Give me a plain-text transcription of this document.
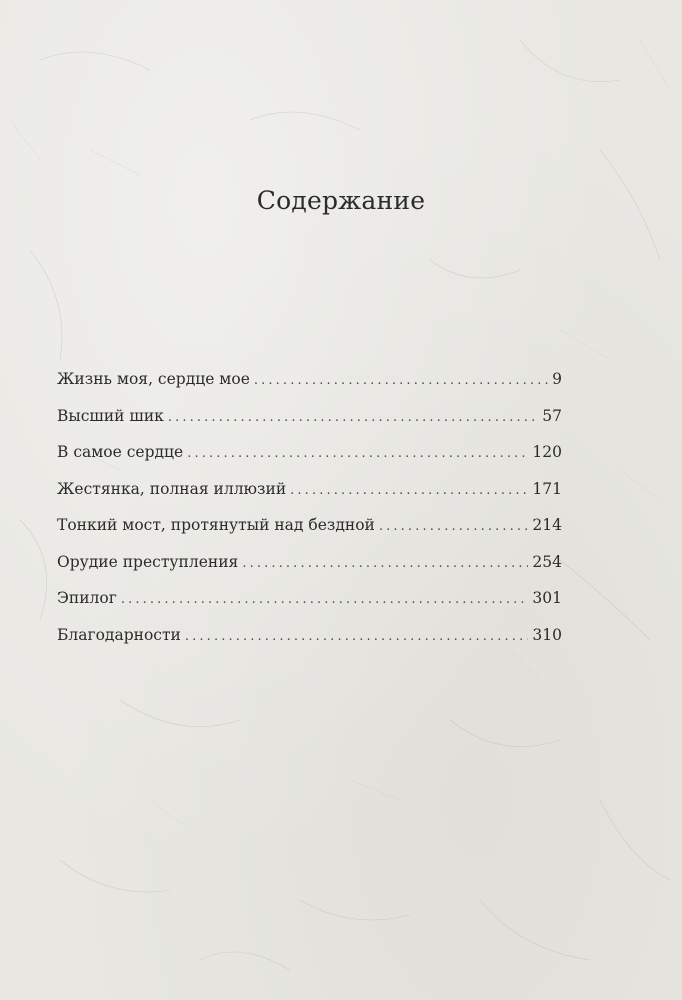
Содержание
Жизнь моя, сердце мое . . .	9
Высший шик . . .	57
В самое сердце . . .	120
Жестянка, полная иллюзий . . .	171
Тонкий мост, протянутый над бездной . . .	214
Орудие преступления . . .	254
Эпилог . . .	301
Благодарности . . .	310
